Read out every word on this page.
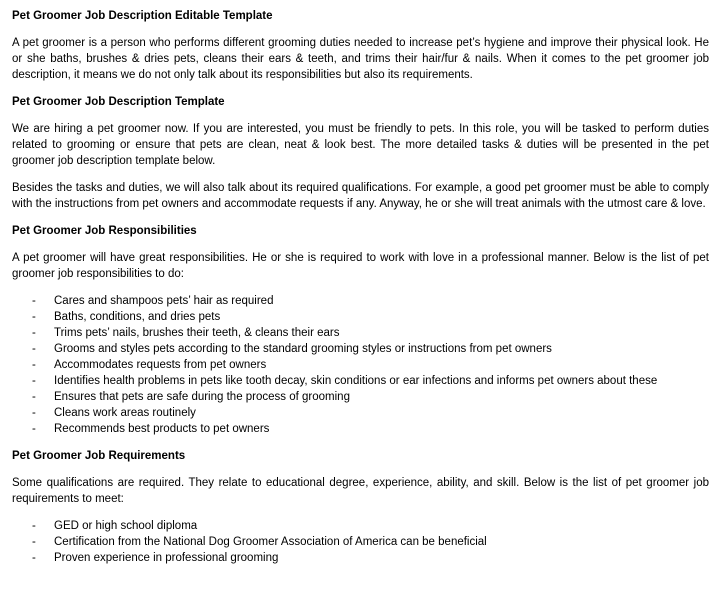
Pet Groomer Job Description Editable Template

A pet groomer is a person who performs different grooming duties needed to increase pet’s hygiene and improve their physical look. He or she baths, brushes & dries pets, cleans their ears & teeth, and trims their hair/fur & nails. When it comes to the pet groomer job description, it means we do not only talk about its responsibilities but also its requirements.

Pet Groomer Job Description Template

We are hiring a pet groomer now. If you are interested, you must be friendly to pets. In this role, you will be tasked to perform duties related to grooming or ensure that pets are clean, neat & look best. The more detailed tasks & duties will be presented in the pet groomer job description template below.

Besides the tasks and duties, we will also talk about its required qualifications. For example, a good pet groomer must be able to comply with the instructions from pet owners and accommodate requests if any. Anyway, he or she will treat animals with the utmost care & love.

Pet Groomer Job Responsibilities

A pet groomer will have great responsibilities. He or she is required to work with love in a professional manner. Below is the list of pet groomer job responsibilities to do:

- Cares and shampoos pets’ hair as required
- Baths, conditions, and dries pets
- Trims pets’ nails, brushes their teeth, & cleans their ears
- Grooms and styles pets according to the standard grooming styles or instructions from pet owners
- Accommodates requests from pet owners
- Identifies health problems in pets like tooth decay, skin conditions or ear infections and informs pet owners about these
- Ensures that pets are safe during the process of grooming
- Cleans work areas routinely
- Recommends best products to pet owners
Pet Groomer Job Requirements

Some qualifications are required. They relate to educational degree, experience, ability, and skill. Below is the list of pet groomer job requirements to meet:

- GED or high school diploma
- Certification from the National Dog Groomer Association of America can be beneficial
- Proven experience in professional grooming
